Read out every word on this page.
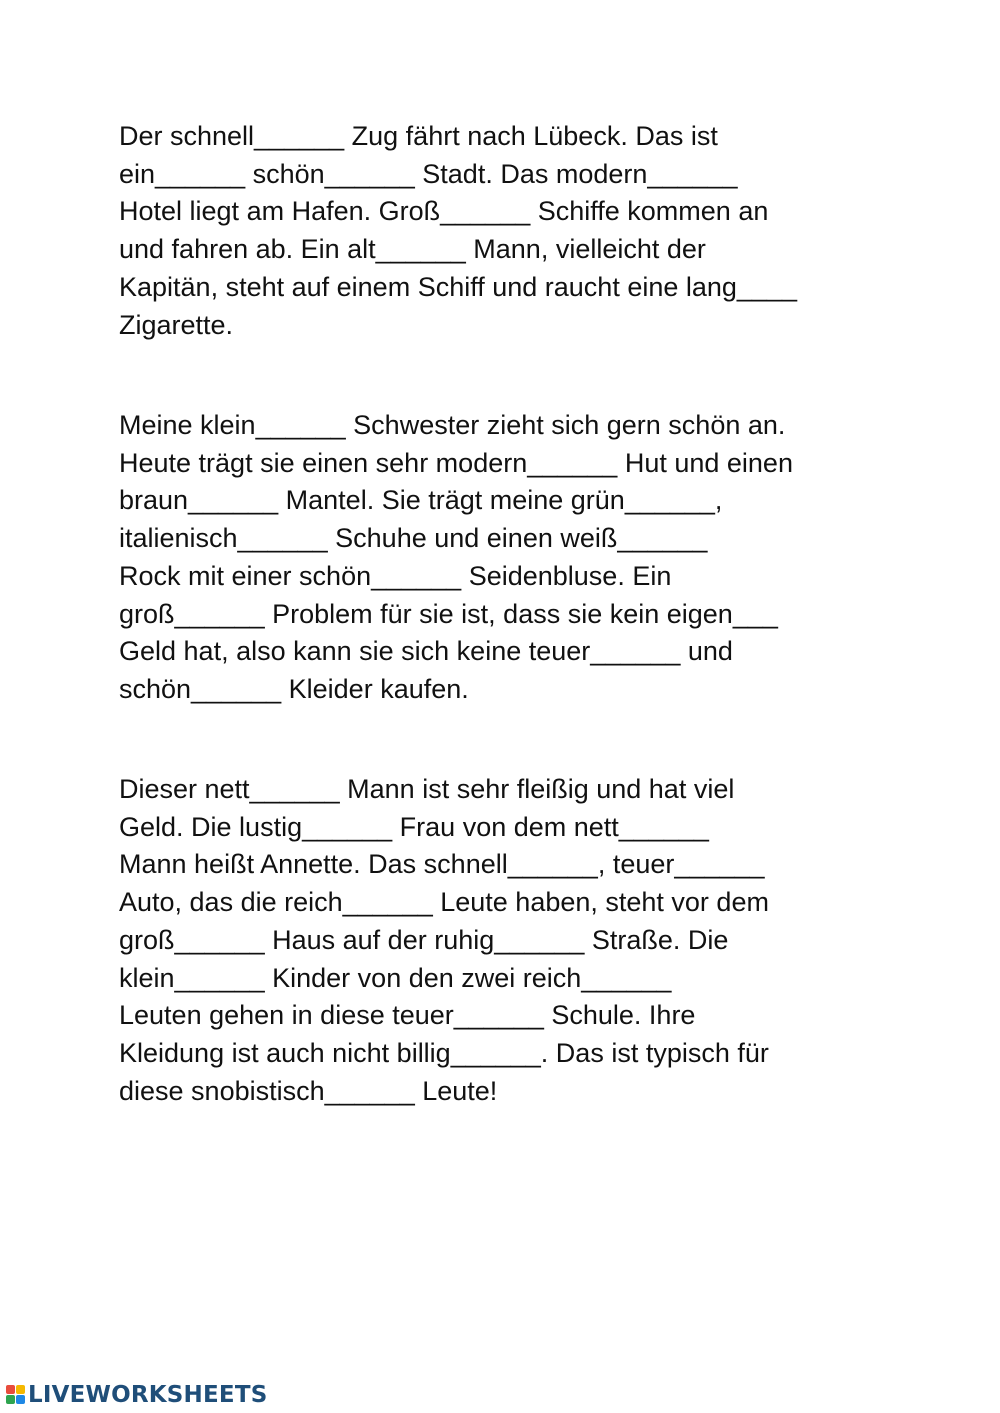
Der schnell______ Zug fährt nach Lübeck. Das ist
ein______ schön______ Stadt. Das modern______
Hotel liegt am Hafen. Groß______ Schiffe kommen an
und fahren ab. Ein alt______ Mann, vielleicht der
Kapitän, steht auf einem Schiff und raucht eine lang____
Zigarette.
Meine klein______ Schwester zieht sich gern schön an.
Heute trägt sie einen sehr modern______ Hut und einen
braun______ Mantel. Sie trägt meine grün______,
italienisch______ Schuhe und einen weiß______
Rock mit einer schön______ Seidenbluse. Ein
groß______ Problem für sie ist, dass sie kein eigen___
Geld hat, also kann sie sich keine teuer______ und
schön______ Kleider kaufen.
Dieser nett______ Mann ist sehr fleißig und hat viel
Geld. Die lustig______ Frau von dem nett______
Mann heißt Annette. Das schnell______, teuer______
Auto, das die reich______ Leute haben, steht vor dem
groß______ Haus auf der ruhig______ Straße. Die
klein______ Kinder von den zwei reich______
Leuten gehen in diese teuer______ Schule. Ihre
Kleidung ist auch nicht billig______. Das ist typisch für
diese snobistisch______ Leute!
LIVEWORKSHEETS
